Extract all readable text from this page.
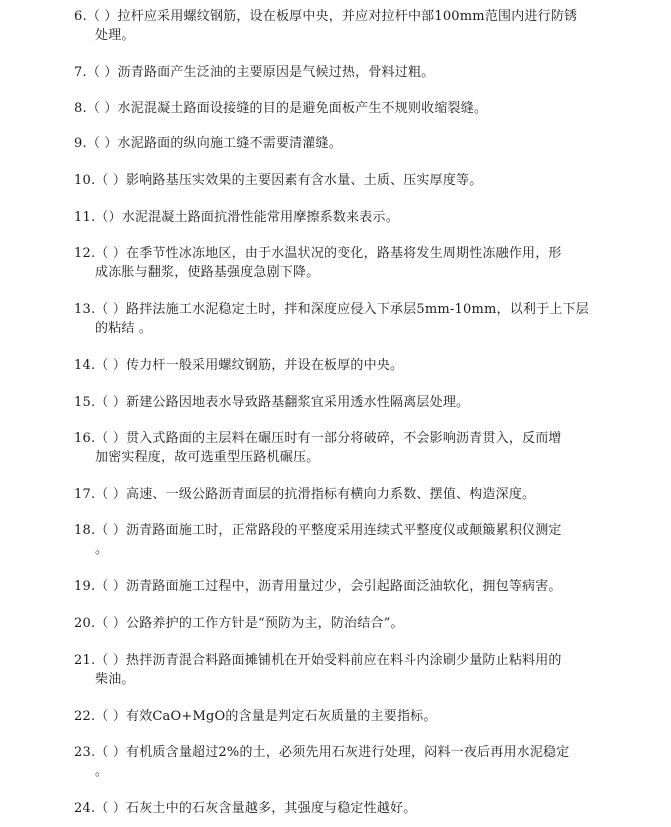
6.（ ）拉杆应采用螺纹钢筋，设在板厚中央，并应对拉杆中部100mm范围内进行防锈
处理。

7.（ ）沥青路面产生泛油的主要原因是气候过热，骨料过粗。

8.（ ）水泥混凝土路面设接缝的目的是避免面板产生不规则收缩裂缝。

9.（ ）水泥路面的纵向施工缝不需要清灌缝。

10.（ ）影响路基压实效果的主要因素有含水量、土质、压实厚度等。

11.（）水泥混凝土路面抗滑性能常用摩擦系数来表示。

12.（ ）在季节性冰冻地区，由于水温状况的变化，路基将发生周期性冻融作用，形
成冻胀与翻浆，使路基强度急剧下降。

13.（ ）路拌法施工水泥稳定土时，拌和深度应侵入下承层5mm-10mm，以利于上下层
的粘结 。

14.（ ）传力杆一般采用螺纹钢筋，并设在板厚的中央。

15.（ ）新建公路因地表水导致路基翻浆宜采用透水性隔离层处理。

16.（ ）贯入式路面的主层料在碾压时有一部分将破碎，不会影响沥青贯入，反而增
加密实程度，故可选重型压路机碾压。

17.（ ）高速、一级公路沥青面层的抗滑指标有横向力系数、摆值、构造深度。

18.（ ）沥青路面施工时，正常路段的平整度采用连续式平整度仪或颠簸累积仪测定
。

19.（ ）沥青路面施工过程中，沥青用量过少，会引起路面泛油软化，拥包等病害。

20.（ ）公路养护的工作方针是“预防为主，防治结合”。

21.（ ）热拌沥青混合料路面摊铺机在开始受料前应在料斗内涂刷少量防止粘料用的
柴油。

22.（ ）有效CaO+MgO的含量是判定石灰质量的主要指标。

23.（ ）有机质含量超过2%的土，必须先用石灰进行处理，闷料一夜后再用水泥稳定
。

24.（ ）石灰土中的石灰含量越多，其强度与稳定性越好。
